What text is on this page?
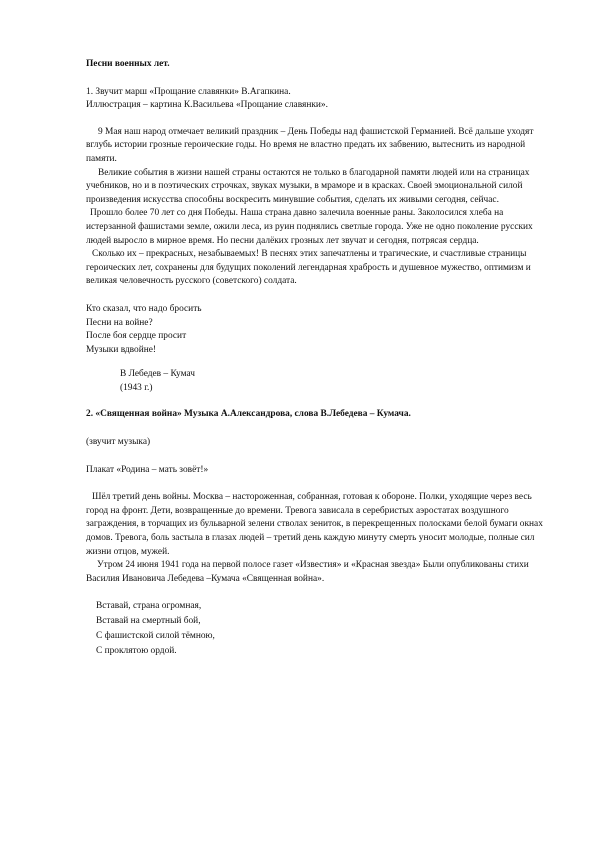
Песни военных лет.

1. Звучит марш «Прощание славянки» В.Агапкина.

Иллюстрация – картина К.Васильева «Прощание славянки».

9 Мая наш народ отмечает великий праздник – День Победы над фашистской Германией. Всё дальше уходят вглубь истории грозные героические годы. Но время не властно предать их забвению, вытеснить из народной памяти.

Великие события в жизни нашей страны остаются не только в благодарной памяти людей или на страницах учебников, но и в поэтических строчках, звуках музыки, в мраморе и в красках. Своей эмоциональной силой произведения искусства способны воскресить минувшие события, сделать их живыми сегодня, сейчас.

Прошло более 70 лет со дня Победы. Наша страна давно залечила военные раны. Заколосился хлеба на истерзанной фашистами земле, ожили леса, из руин поднялись светлые города. Уже не одно поколение русских людей выросло в мирное время. Но песни далёких грозных лет звучат и сегодня, потрясая сердца.

Сколько их – прекрасных, незабываемых! В песнях этих запечатлены и трагические, и счастливые страницы героических лет, сохранены для будущих поколений легендарная храбрость и душевное мужество, оптимизм и великая человечность русского (советского) солдата.

Кто сказал, что надо бросить

Песни на войне?

После боя сердце просит

Музыки вдвойне!

В Лебедев – Кумач

(1943 г.)

2. «Священная война» Музыка А.Александрова, слова В.Лебедева – Кумача.

(звучит музыка)

Плакат «Родина – мать зовёт!»

Шёл третий день войны. Москва – настороженная, собранная, готовая к обороне. Полки, уходящие через весь город на фронт. Дети, возвращенные до времени. Тревога зависала в серебристых аэростатах воздушного заграждения, в торчащих из бульварной зелени стволах зениток, в перекрещенных полосками белой бумаги окнах домов. Тревога, боль застыла в глазах людей – третий день каждую минуту смерть уносит молодые, полные сил жизни отцов, мужей.

Утром 24 июня 1941 года на первой полосе газет «Известия» и «Красная звезда» Были опубликованы стихи Василия Ивановича Лебедева –Кумача «Священная война».

Вставай, страна огромная,

Вставай на смертный бой,

С фашистской силой тёмною,

С проклятою ордой.
